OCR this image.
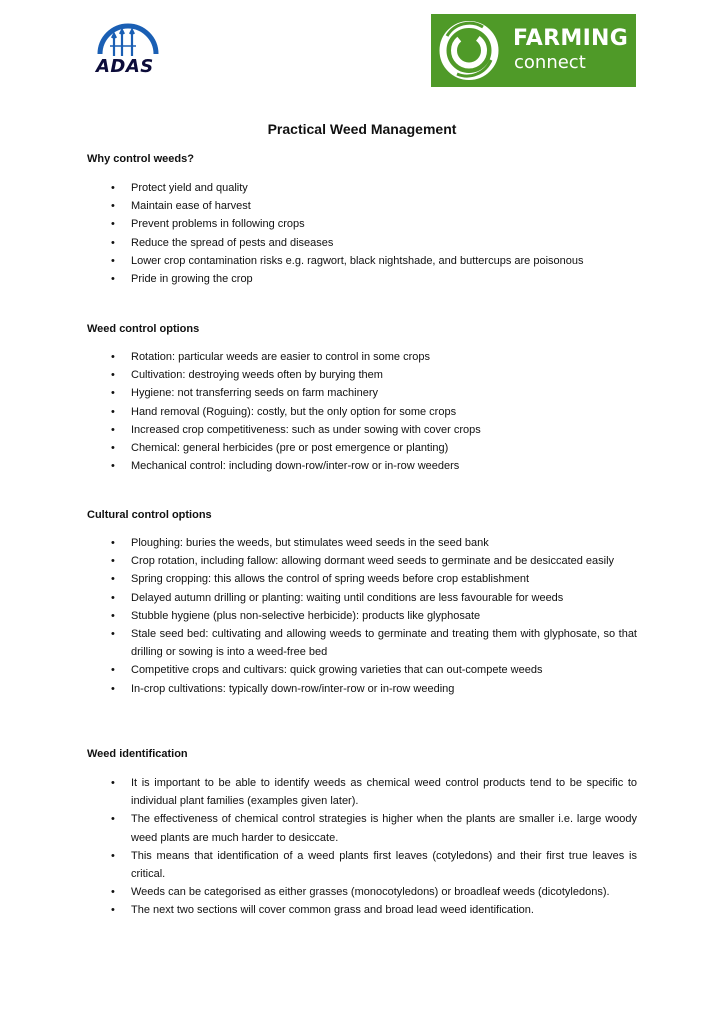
ADAS
FARMING
connect
Practical Weed Management
Why control weeds?
• Protect yield and quality
• Maintain ease of harvest
• Prevent problems in following crops
• Reduce the spread of pests and diseases
• Lower crop contamination risks e.g. ragwort, black nightshade, and buttercups are poisonous
• Pride in growing the crop
Weed control options
• Rotation: particular weeds are easier to control in some crops
• Cultivation: destroying weeds often by burying them
• Hygiene: not transferring seeds on farm machinery
• Hand removal (Roguing): costly, but the only option for some crops
• Increased crop competitiveness: such as under sowing with cover crops
• Chemical: general herbicides (pre or post emergence or planting)
• Mechanical control: including down-row/inter-row or in-row weeders
Cultural control options
• Ploughing: buries the weeds, but stimulates weed seeds in the seed bank
• Crop rotation, including fallow: allowing dormant weed seeds to germinate and be desiccated easily
• Spring cropping: this allows the control of spring weeds before crop establishment
• Delayed autumn drilling or planting: waiting until conditions are less favourable for weeds
• Stubble hygiene (plus non-selective herbicide): products like glyphosate
• Stale seed bed: cultivating and allowing weeds to germinate and treating them with glyphosate, so that drilling or sowing is into a weed-free bed
• Competitive crops and cultivars: quick growing varieties that can out-compete weeds
• In-crop cultivations: typically down-row/inter-row or in-row weeding
Weed identification
• It is important to be able to identify weeds as chemical weed control products tend to be specific to individual plant families (examples given later).
• The effectiveness of chemical control strategies is higher when the plants are smaller i.e. large woody weed plants are much harder to desiccate.
• This means that identification of a weed plants first leaves (cotyledons) and their first true leaves is critical.
• Weeds can be categorised as either grasses (monocotyledons) or broadleaf weeds (dicotyledons).
• The next two sections will cover common grass and broad lead weed identification.
